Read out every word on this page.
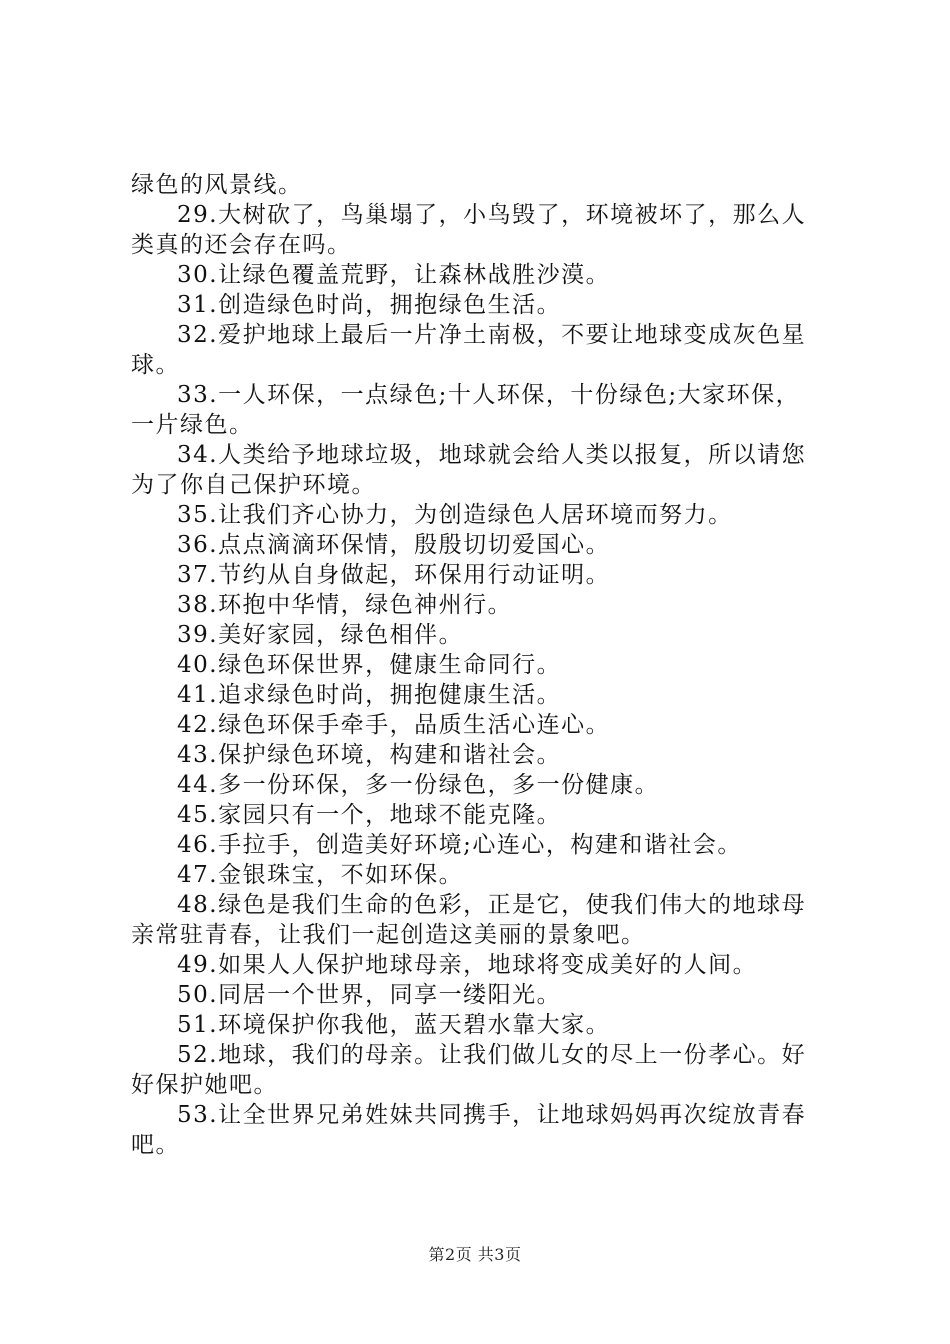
绿色的风景线。
29.大树砍了，鸟巢塌了，小鸟毁了，环境被坏了，那么人
类真的还会存在吗。
30.让绿色覆盖荒野，让森林战胜沙漠。
31.创造绿色时尚，拥抱绿色生活。
32.爱护地球上最后一片净土南极，不要让地球变成灰色星
球。
33.一人环保，一点绿色;十人环保，十份绿色;大家环保，
一片绿色。
34.人类给予地球垃圾，地球就会给人类以报复，所以请您
为了你自己保护环境。
35.让我们齐心协力，为创造绿色人居环境而努力。
36.点点滴滴环保情，殷殷切切爱国心。
37.节约从自身做起，环保用行动证明。
38.环抱中华情，绿色神州行。
39.美好家园，绿色相伴。
40.绿色环保世界，健康生命同行。
41.追求绿色时尚，拥抱健康生活。
42.绿色环保手牵手，品质生活心连心。
43.保护绿色环境，构建和谐社会。
44.多一份环保，多一份绿色，多一份健康。
45.家园只有一个，地球不能克隆。
46.手拉手，创造美好环境;心连心，构建和谐社会。
47.金银珠宝，不如环保。
48.绿色是我们生命的色彩，正是它，使我们伟大的地球母
亲常驻青春，让我们一起创造这美丽的景象吧。
49.如果人人保护地球母亲，地球将变成美好的人间。
50.同居一个世界，同享一缕阳光。
51.环境保护你我他，蓝天碧水靠大家。
52.地球，我们的母亲。让我们做儿女的尽上一份孝心。好
好保护她吧。
53.让全世界兄弟姓妹共同携手，让地球妈妈再次绽放青春
吧。
第2页 共3页
